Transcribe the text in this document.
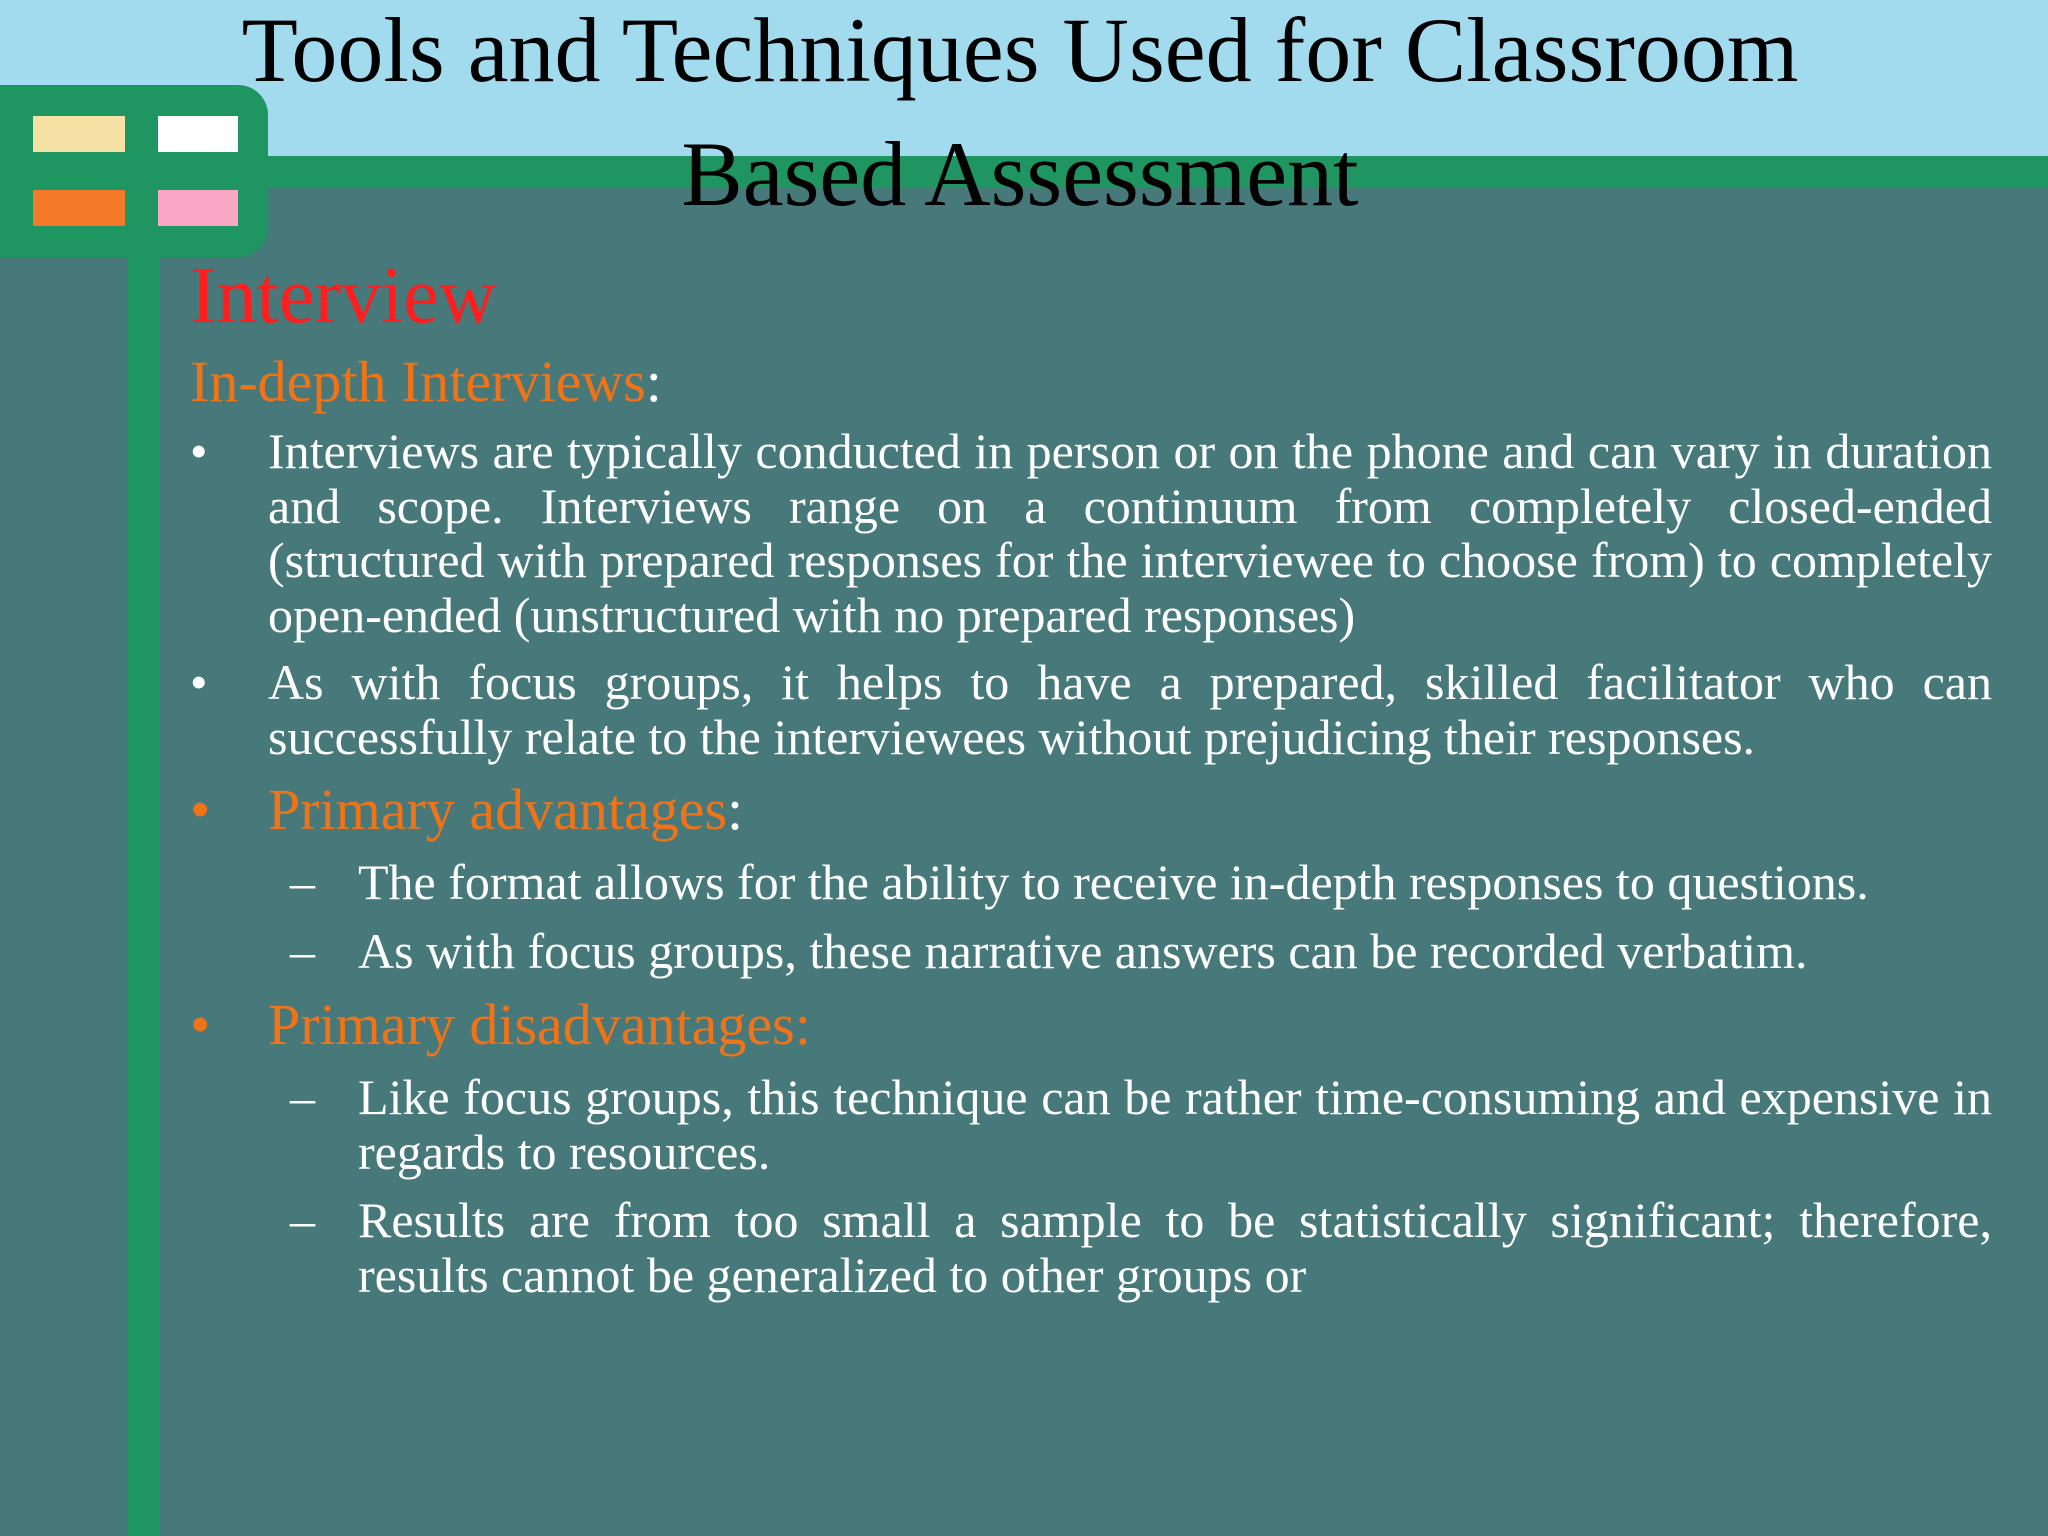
Tools and Techniques Used for Classroom Based Assessment
Interview
In-depth Interviews:
• Interviews are typically conducted in person or on the phone and can vary in duration and scope. Interviews range on a continuum from completely closed-ended (structured with prepared responses for the interviewee to choose from) to completely open-ended (unstructured with no prepared responses)
• As with focus groups, it helps to have a prepared, skilled facilitator who can successfully relate to the interviewees without prejudicing their responses.
• Primary advantages:
– The format allows for the ability to receive in-depth responses to questions.
– As with focus groups, these narrative answers can be recorded verbatim.
• Primary disadvantages:
– Like focus groups, this technique can be rather time-consuming and expensive in regards to resources.
– Results are from too small a sample to be statistically significant; therefore, results cannot be generalized to other groups or
